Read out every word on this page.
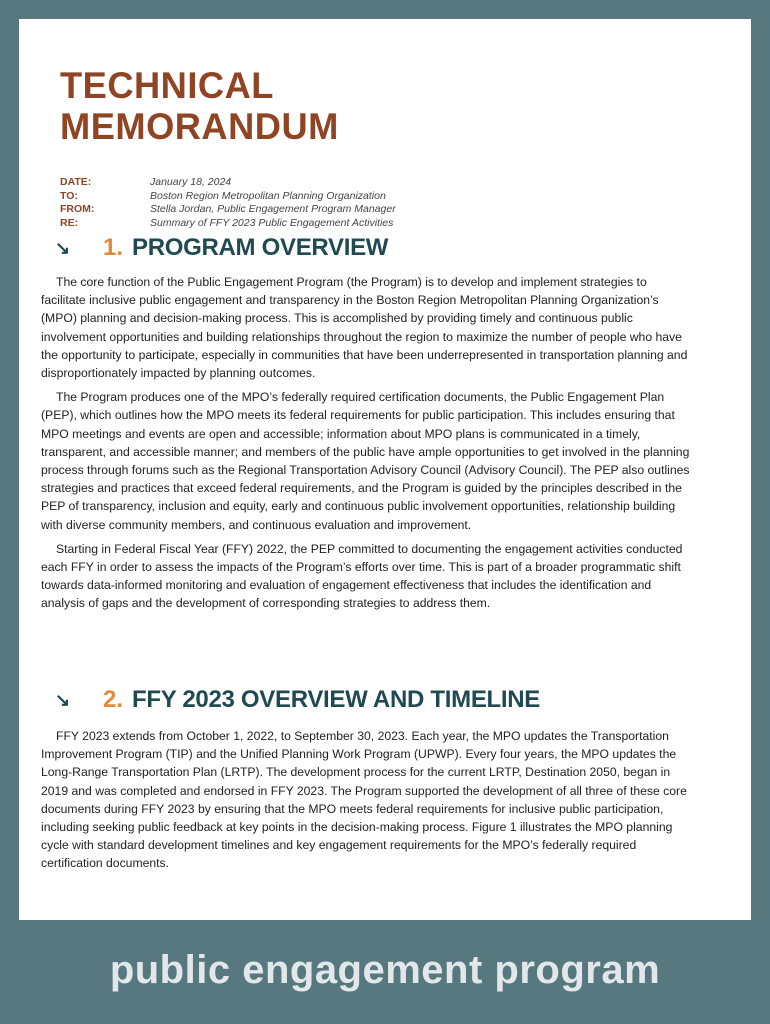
TECHNICAL
MEMORANDUM
DATE:	January 18, 2024
TO:	Boston Region Metropolitan Planning Organization
FROM:	Stella Jordan, Public Engagement Program Manager
RE:	Summary of FFY 2023 Public Engagement Activities
↘	1. PROGRAM OVERVIEW

The core function of the Public Engagement Program (the Program) is to develop and implement strategies to facilitate inclusive public engagement and transparency in the Boston Region Metropolitan Planning Organization’s (MPO) planning and decision-making process. This is accomplished by providing timely and continuous public involvement opportunities and building relationships throughout the region to maximize the number of people who have the opportunity to participate, especially in communities that have been underrepresented in transportation planning and disproportionately impacted by planning outcomes.

The Program produces one of the MPO’s federally required certification documents, the Public Engagement Plan (PEP), which outlines how the MPO meets its federal requirements for public participation. This includes ensuring that MPO meetings and events are open and accessible; information about MPO plans is communicated in a timely, transparent, and accessible manner; and members of the public have ample opportunities to get involved in the planning process through forums such as the Regional Transportation Advisory Council (Advisory Council). The PEP also outlines strategies and practices that exceed federal requirements, and the Program is guided by the principles described in the PEP of transparency, inclusion and equity, early and continuous public involvement opportunities, relationship building with diverse community members, and continuous evaluation and improvement.

Starting in Federal Fiscal Year (FFY) 2022, the PEP committed to documenting the engagement activities conducted each FFY in order to assess the impacts of the Program’s efforts over time. This is part of a broader programmatic shift towards data-informed monitoring and evaluation of engagement effectiveness that includes the identification and analysis of gaps and the development of corresponding strategies to address them.

↘	2. FFY 2023 OVERVIEW AND TIMELINE

FFY 2023 extends from October 1, 2022, to September 30, 2023. Each year, the MPO updates the Transportation Improvement Program (TIP) and the Unified Planning Work Program (UPWP). Every four years, the MPO updates the Long-Range Transportation Plan (LRTP). The development process for the current LRTP, Destination 2050, began in 2019 and was completed and endorsed in FFY 2023. The Program supported the development of all three of these core documents during FFY 2023 by ensuring that the MPO meets federal requirements for inclusive public participation, including seeking public feedback at key points in the decision-making process. Figure 1 illustrates the MPO planning cycle with standard development timelines and key engagement requirements for the MPO’s federally required certification documents.

public engagement program
